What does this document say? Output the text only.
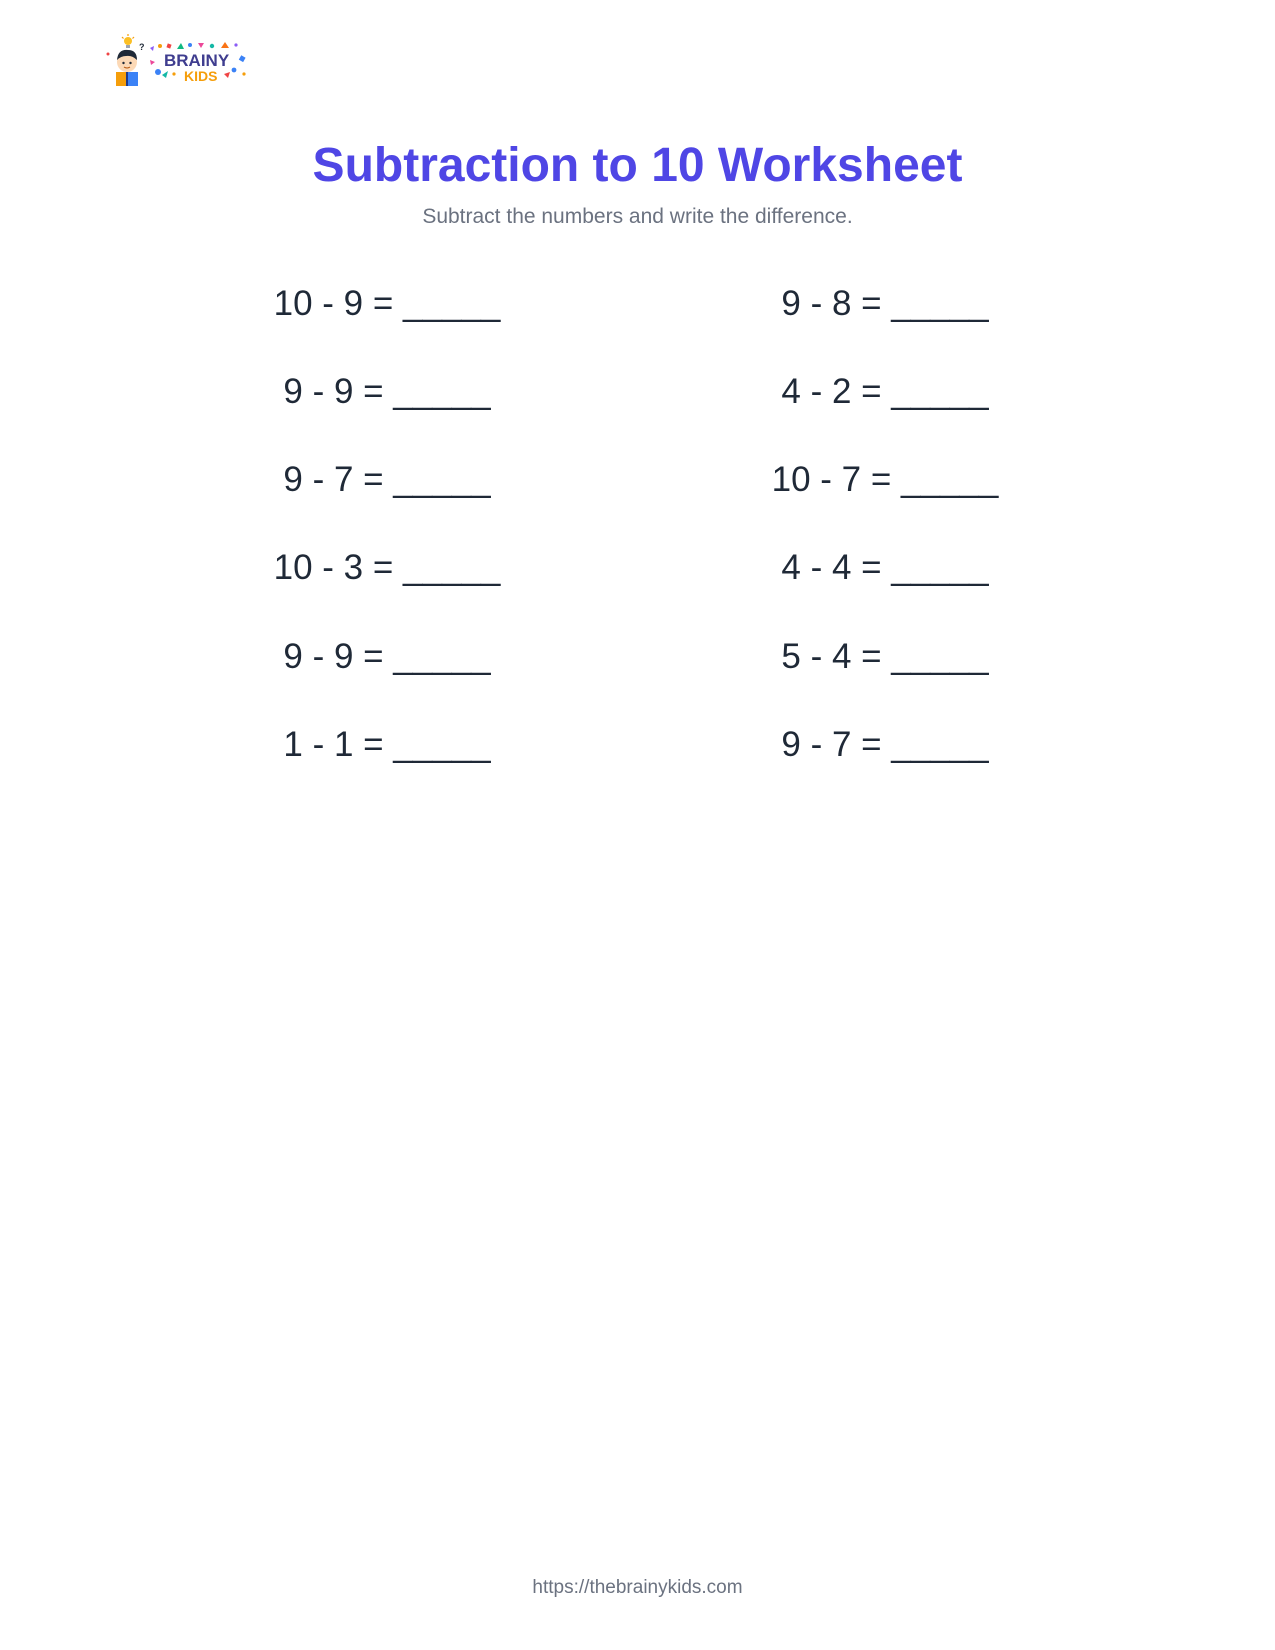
?
BRAINY
KIDS
Subtraction to 10 Worksheet

Subtract the numbers and write the difference.

10 - 9 = _____	9 - 8 = _____
9 - 9 = _____	4 - 2 = _____
9 - 7 = _____	10 - 7 = _____
10 - 3 = _____	4 - 4 = _____
9 - 9 = _____	5 - 4 = _____
1 - 1 = _____	9 - 7 = _____
https://thebrainykids.com
